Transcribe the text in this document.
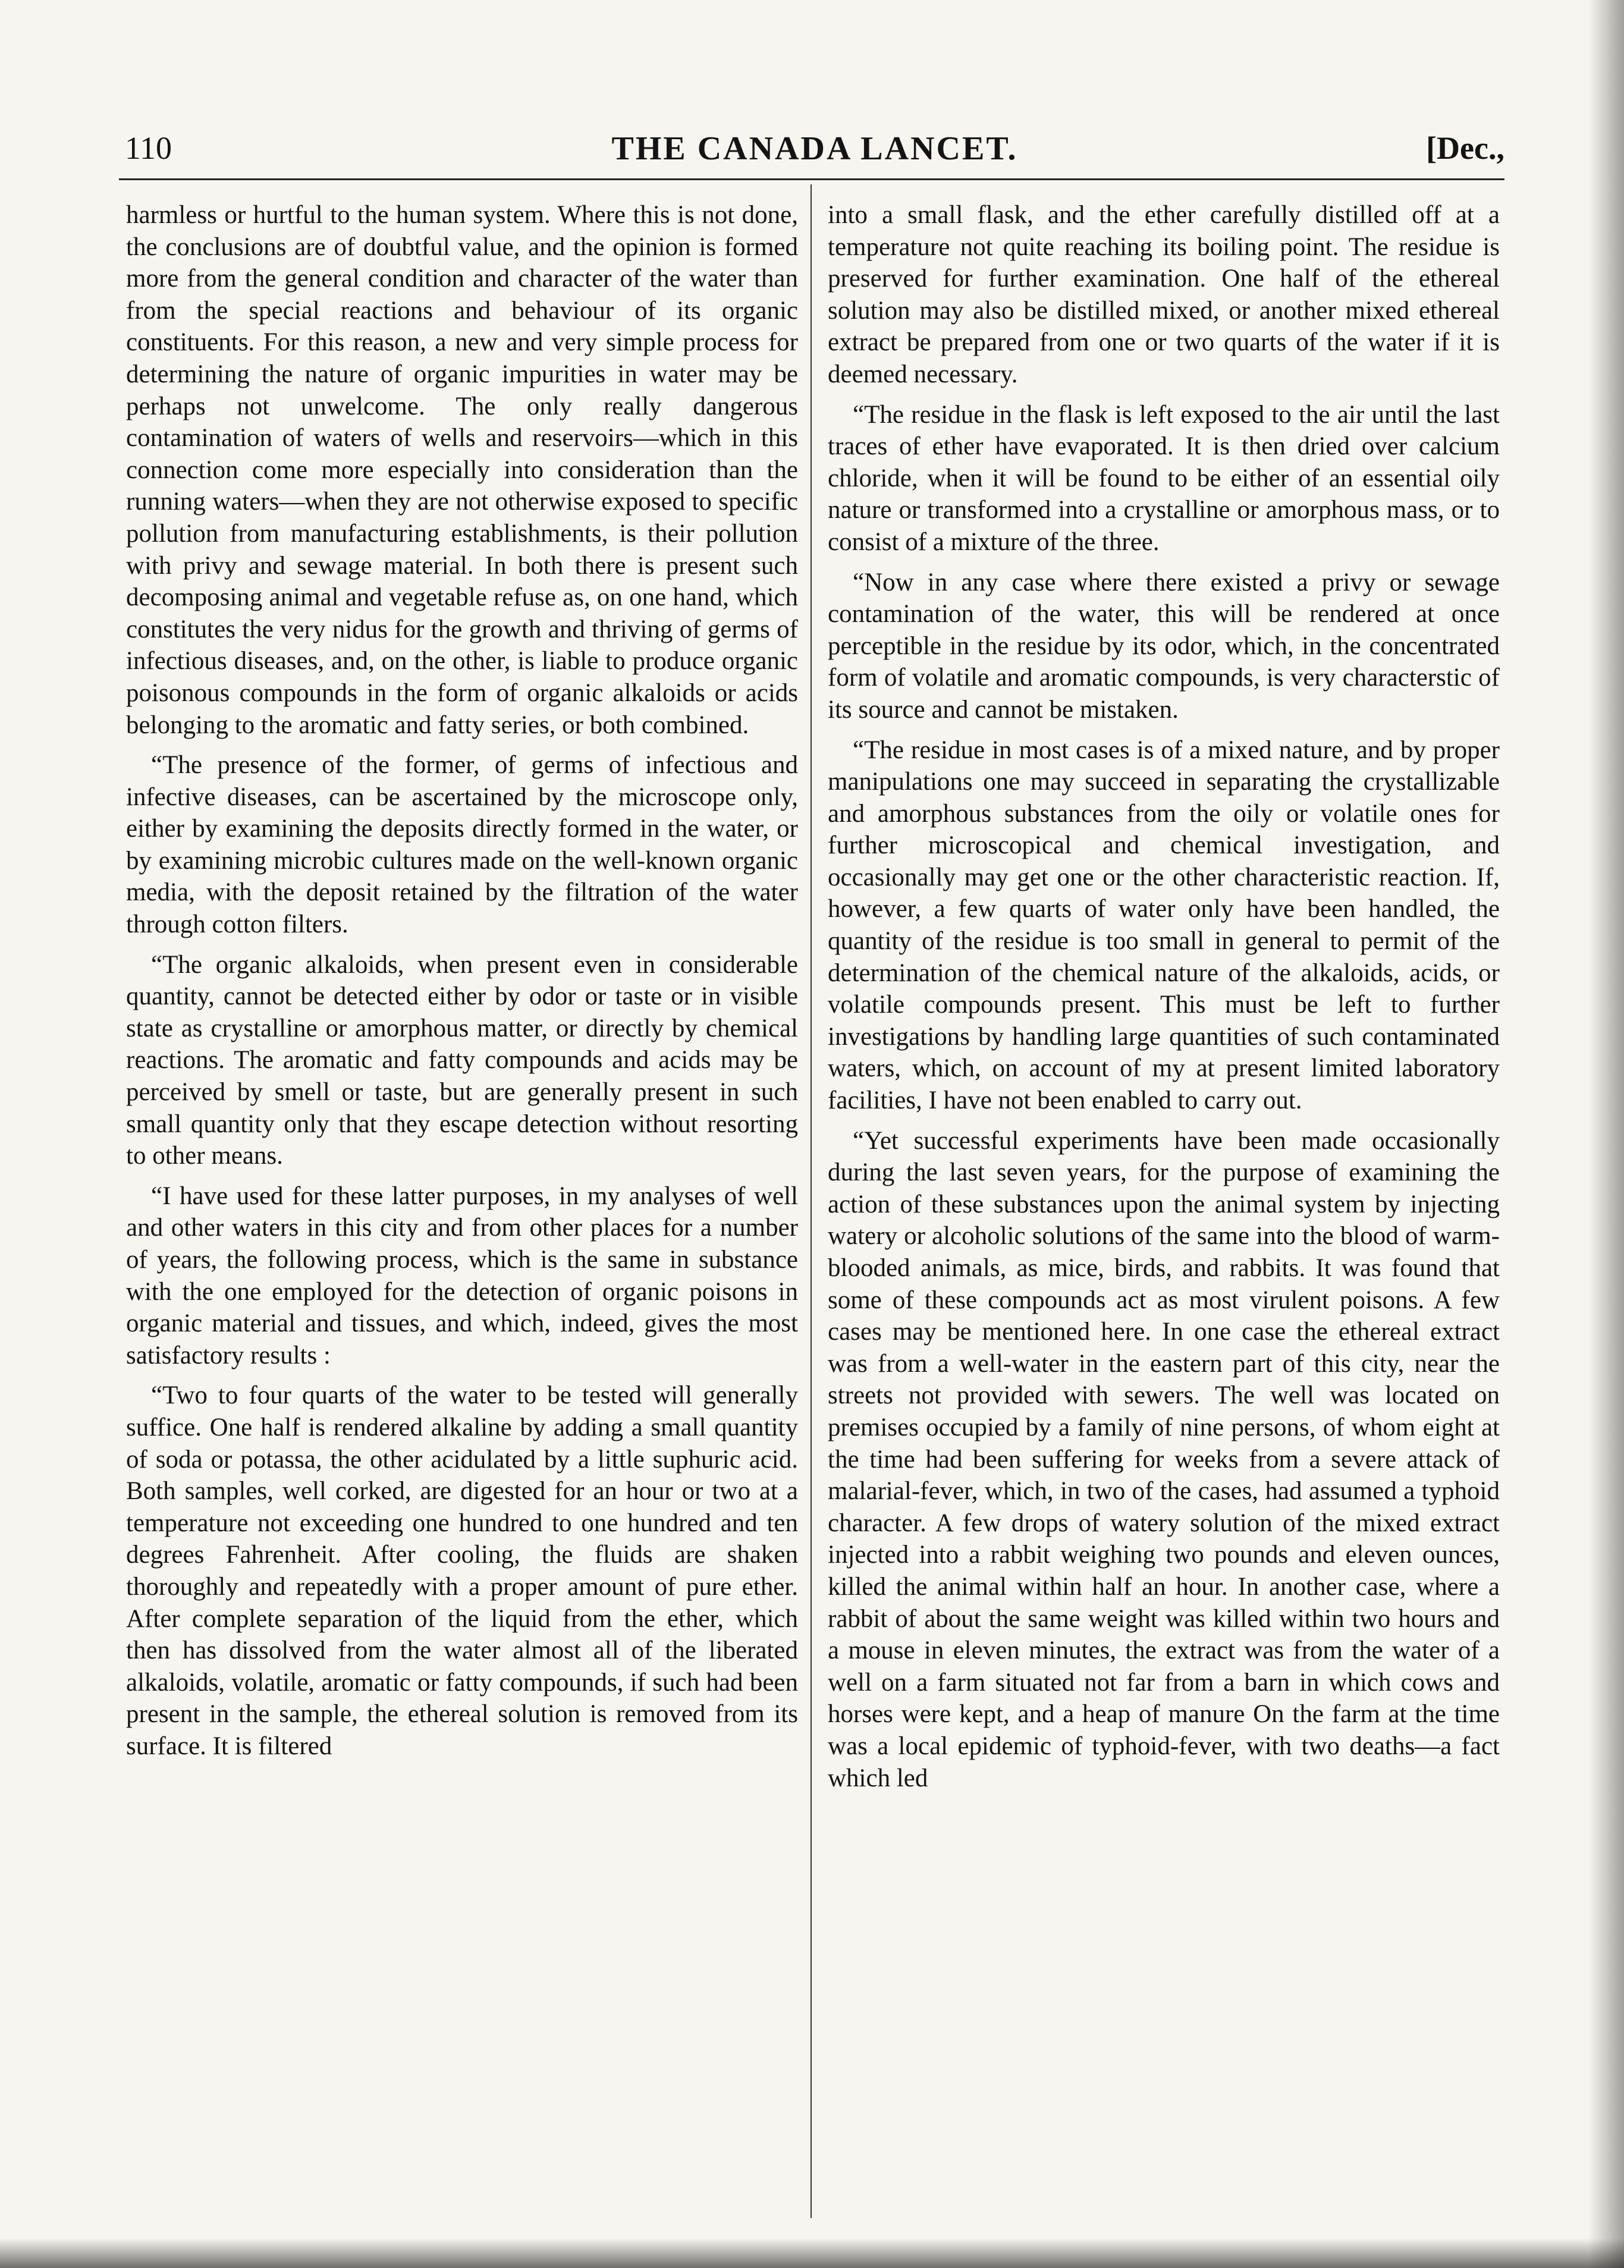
110	THE CANADA LANCET.	[Dec.,

harmless or hurtful to the human system. Where this is not done, the conclusions are of doubtful value, and the opinion is formed more from the general condition and character of the water than from the special reactions and behaviour of its organic constituents. For this reason, a new and very simple process for determining the nature of organic impurities in water may be perhaps not unwelcome. The only really dangerous contamination of waters of wells and reservoirs—which in this connection come more especially into consideration than the running waters—when they are not otherwise exposed to specific pollution from manufacturing establishments, is their pollution with privy and sewage material. In both there is present such decomposing animal and vegetable refuse as, on one hand, which constitutes the very nidus for the growth and thriving of germs of infectious diseases, and, on the other, is liable to produce organic poisonous compounds in the form of organic alkaloids or acids belonging to the aromatic and fatty series, or both combined.

“The presence of the former, of germs of infectious and infective diseases, can be ascertained by the microscope only, either by examining the deposits directly formed in the water, or by examining microbic cultures made on the well-known organic media, with the deposit retained by the filtration of the water through cotton filters.

“The organic alkaloids, when present even in considerable quantity, cannot be detected either by odor or taste or in visible state as crystalline or amorphous matter, or directly by chemical reactions. The aromatic and fatty compounds and acids may be perceived by smell or taste, but are generally present in such small quantity only that they escape detection without resorting to other means.

“I have used for these latter purposes, in my analyses of well and other waters in this city and from other places for a number of years, the following process, which is the same in substance with the one employed for the detection of organic poisons in organic material and tissues, and which, indeed, gives the most satisfactory results :

“Two to four quarts of the water to be tested will generally suffice. One half is rendered alkaline by adding a small quantity of soda or potassa, the other acidulated by a little suphuric acid. Both samples, well corked, are digested for an hour or two at a temperature not exceeding one hundred to one hundred and ten degrees Fahrenheit. After cooling, the fluids are shaken thoroughly and repeatedly with a proper amount of pure ether. After complete separation of the liquid from the ether, which then has dissolved from the water almost all of the liberated alkaloids, volatile, aromatic or fatty compounds, if such had been present in the sample, the ethereal solution is removed from its surface. It is filtered

into a small flask, and the ether carefully distilled off at a temperature not quite reaching its boiling point. The residue is preserved for further examination. One half of the ethereal solution may also be distilled mixed, or another mixed ethereal extract be prepared from one or two quarts of the water if it is deemed necessary.

“The residue in the flask is left exposed to the air until the last traces of ether have evaporated. It is then dried over calcium chloride, when it will be found to be either of an essential oily nature or transformed into a crystalline or amorphous mass, or to consist of a mixture of the three.

“Now in any case where there existed a privy or sewage contamination of the water, this will be rendered at once perceptible in the residue by its odor, which, in the concentrated form of volatile and aromatic compounds, is very characterstic of its source and cannot be mistaken.

“The residue in most cases is of a mixed nature, and by proper manipulations one may succeed in separating the crystallizable and amorphous substances from the oily or volatile ones for further microscopical and chemical investigation, and occasionally may get one or the other characteristic reaction. If, however, a few quarts of water only have been handled, the quantity of the residue is too small in general to permit of the determination of the chemical nature of the alkaloids, acids, or volatile compounds present. This must be left to further investigations by handling large quantities of such contaminated waters, which, on account of my at present limited laboratory facilities, I have not been enabled to carry out.

“Yet successful experiments have been made occasionally during the last seven years, for the purpose of examining the action of these substances upon the animal system by injecting watery or alcoholic solutions of the same into the blood of warm-blooded animals, as mice, birds, and rabbits. It was found that some of these compounds act as most virulent poisons. A few cases may be mentioned here. In one case the ethereal extract was from a well-water in the eastern part of this city, near the streets not provided with sewers. The well was located on premises occupied by a family of nine persons, of whom eight at the time had been suffering for weeks from a severe attack of malarial-fever, which, in two of the cases, had assumed a typhoid character. A few drops of watery solution of the mixed extract injected into a rabbit weighing two pounds and eleven ounces, killed the animal within half an hour. In another case, where a rabbit of about the same weight was killed within two hours and a mouse in eleven minutes, the extract was from the water of a well on a farm situated not far from a barn in which cows and horses were kept, and a heap of manure On the farm at the time was a local epidemic of typhoid-fever, with two deaths—a fact which led
